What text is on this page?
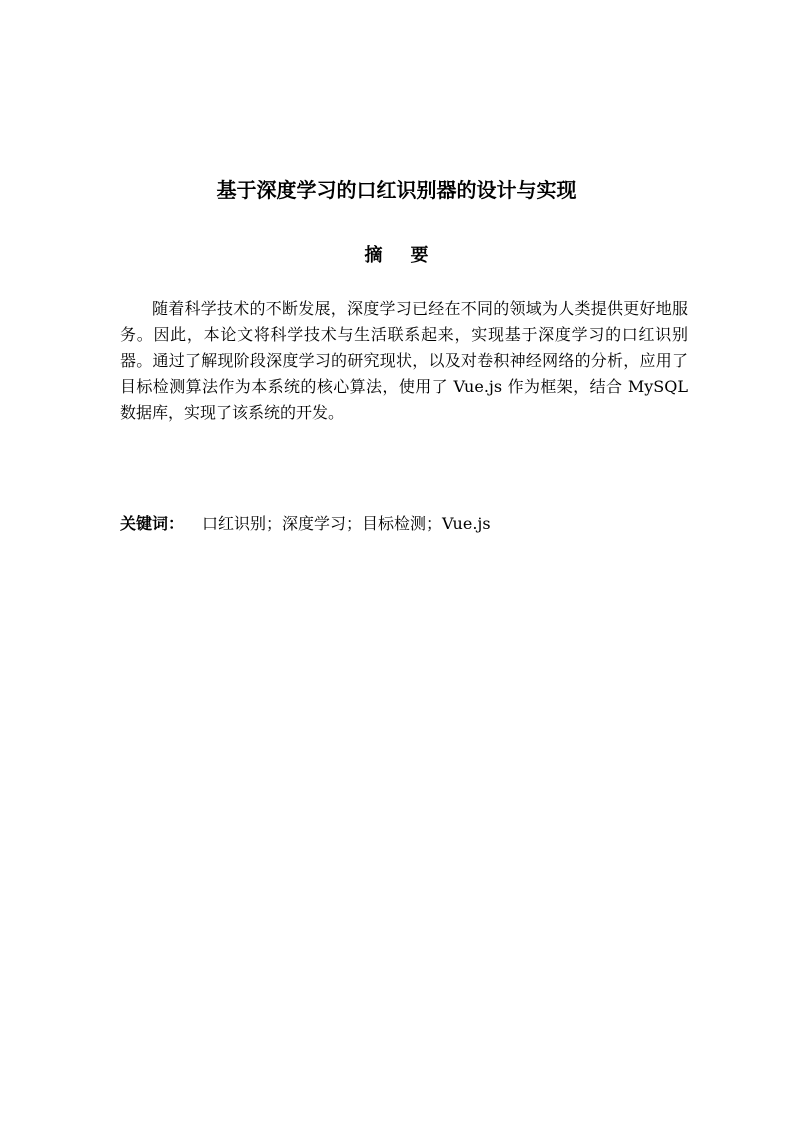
基于深度学习的口红识别器的设计与实现
摘要

随着科学技术的不断发展，深度学习已经在不同的领域为人类提供更好地服务。因此，本论文将科学技术与生活联系起来，实现基于深度学习的口红识别器。通过了解现阶段深度学习的研究现状，以及对卷积神经网络的分析，应用了目标检测算法作为本系统的核心算法，使用了 Vue.js 作为框架，结合 MySQL 数据库，实现了该系统的开发。

关键词： 口红识别；深度学习；目标检测；Vue.js
